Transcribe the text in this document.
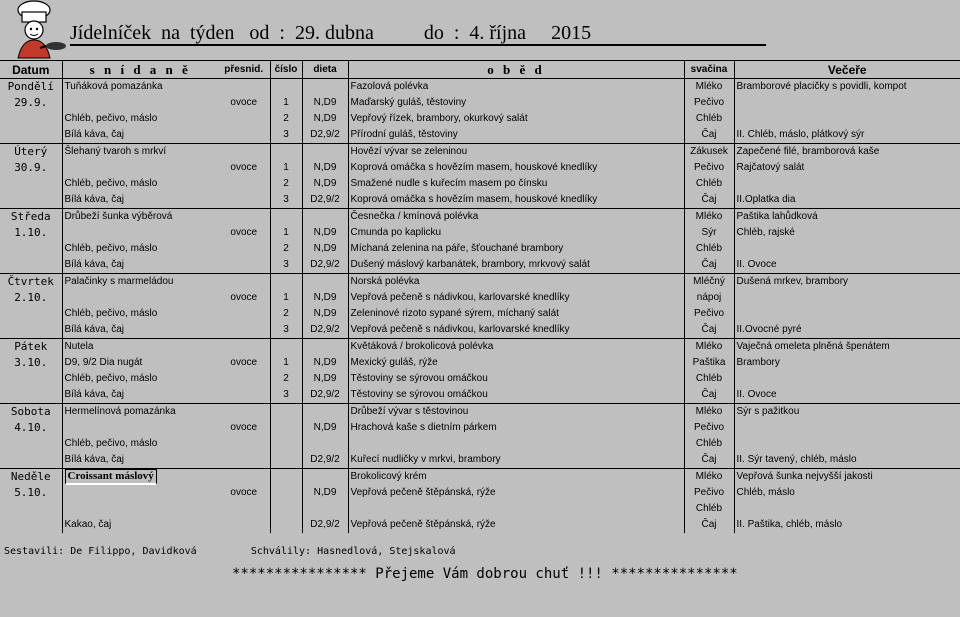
Jídelníček  na  týden od  :  29. dubna	do  :  4. října 2015
Datum	s n í d a n ě	přesnid.	číslo	dieta	o b ě d	svačina	Večeře
Pondělí	Tuňáková pomazánka				Fazolová polévka	Mléko	Bramborové placičky s povidli, kompot
29.9.		ovoce	1	N,D9	Maďarský guláš, těstoviny	Pečivo	
	Chléb, pečivo, máslo		2	N,D9	Vepřový řízek, brambory, okurkový salát	Chléb	
	Bílá káva, čaj		3	D2,9/2	Přírodní guláš, těstoviny	Čaj	II. Chléb, máslo, plátkový sýr
Úterý	Šlehaný tvaroh s mrkví				Hovězí vývar se zeleninou	Zákusek	Zapečené filé, bramborová kaše
30.9.		ovoce	1	N,D9	Koprová omáčka s hovězím masem, houskové knedlíky	Pečivo	Rajčatový salát
	Chléb, pečivo, máslo		2	N,D9	Smažené nudle s kuřecím masem po čínsku	Chléb	
	Bílá káva, čaj		3	D2,9/2	Koprová omáčka s hovězím masem, houskové knedlíky	Čaj	II.Oplatka dia
Středa	Drůbeží šunka výběrová				Česnečka / kmínová polévka	Mléko	Paštika lahůdková
1.10.		ovoce	1	N,D9	Cmunda po kaplicku	Sýr	Chléb, rajské
	Chléb, pečivo, máslo		2	N,D9	Míchaná zelenina na páře, šťouchané brambory	Chléb	
	Bílá káva, čaj		3	D2,9/2	Dušený máslový karbanátek, brambory, mrkvový salát	Čaj	II. Ovoce
Čtvrtek	Palačinky s marmeládou				Norská polévka	Mléčný	Dušená mrkev, brambory
2.10.		ovoce	1	N,D9	Vepřová pečeně s nádivkou, karlovarské knedlíky	nápoj	
	Chléb, pečivo, máslo		2	N,D9	Zeleninové rizoto sypané sýrem, míchaný salát	Pečivo	
	Bílá káva, čaj		3	D2,9/2	Vepřová pečeně s nádivkou, karlovarské knedlíky	Čaj	II.Ovocné pyré
Pátek	Nutela				Květáková / brokolicová polévka	Mléko	Vaječná omeleta plněná špenátem
3.10.	D9, 9/2 Dia nugát	ovoce	1	N,D9	Mexický guláš, rýže	Paštika	Brambory
	Chléb, pečivo, máslo		2	N,D9	Těstoviny se sýrovou omáčkou	Chléb	
	Bílá káva, čaj		3	D2,9/2	Těstoviny se sýrovou omáčkou	Čaj	II. Ovoce
Sobota	Hermelínová pomazánka				Drůbeží vývar s těstovinou	Mléko	Sýr s pažitkou
4.10.		ovoce		N,D9	Hrachová kaše s dietním párkem	Pečivo	
	Chléb, pečivo, máslo					Chléb	
	Bílá káva, čaj			D2,9/2	Kuřecí nudličky v mrkvi, brambory	Čaj	II. Sýr tavený, chléb, máslo
Neděle	Croissant máslový				Brokolicový krém	Mléko	Vepřová šunka nejvyšší jakosti
5.10.		ovoce		N,D9	Vepřová pečeně štěpánská, rýže	Pečivo	Chléb, máslo
						Chléb	
	Kakao, čaj			D2,9/2	Vepřová pečeně štěpánská, rýže	Čaj	II. Paštika, chléb, máslo
Sestavili: De Filippo, Davidková	Schválily: Hasnedlová, Stejskalová
**************** Přejeme Vám dobrou chuť !!! ***************
